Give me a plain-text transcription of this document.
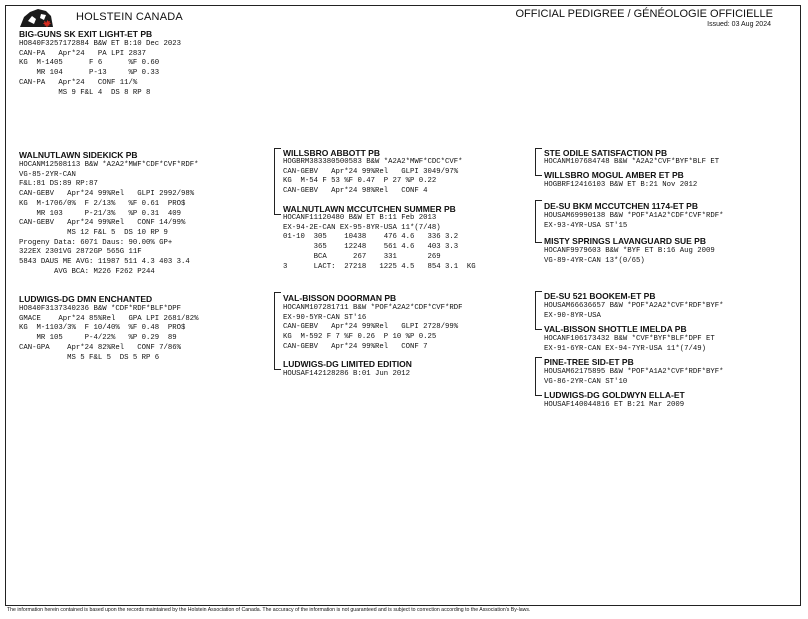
HOLSTEIN CANADA	OFFICIAL PEDIGREE / GÉNÉOLOGIE OFFICIELLE
Issued: 03 Aug 2024
BIG-GUNS SK EXIT LIGHT-ET PB
HO840F3257172884 B&W ET B:10 Dec 2023
CAN-PA   Apr*24   PA LPI 2837
KG  M-1405      F 6      %F 0.60
MR 104      P-13     %P 0.33
CAN-PA   Apr*24   CONF 11/%
MS 9 F&L 4  DS 8 RP 8
WALNUTLAWN SIDEKICK PB
HOCANM12508113 B&W *A2A2*MWF*CDF*CVF*RDF*
VG-85-2YR-CAN
F&L:81 DS:89 RP:87
CAN-GEBV   Apr*24 99%Rel   GLPI 2992/98%
KG  M-1706/0%  F 2/13%   %F 0.61  PRO$
MR 103     P-21/3%   %P 0.31  409
CAN-GEBV   Apr*24 99%Rel   CONF 14/99%
MS 12 F&L 5  DS 10 RP 9
Progeny Data: 6071 Daus: 90.00% GP+
322EX 2301VG 2872GP 565G 11F
5843 DAUS ME AVG: 11987 511 4.3 403 3.4
AVG BCA: M226 F262 P244
LUDWIGS-DG DMN ENCHANTED
HO840F3137340236 B&W *CDF*RDF*BLF*DPF
GMACE    Apr*24 85%Rel   GPA LPI 2681/82%
KG  M-1103/3%  F 10/40%  %F 0.48  PRO$
MR 105     P-4/22%   %P 0.29  89
CAN-GPA    Apr*24 82%Rel   CONF 7/86%
MS 5 F&L 5  DS 5 RP 6
WILLSBRO ABBOTT PB
HOGBRM383380500583 B&W *A2A2*MWF*CDC*CVF*
CAN-GEBV   Apr*24 99%Rel   GLPI 3049/97%
KG  M-54 F 53 %F 0.47  P 27 %P 0.22
CAN-GEBV   Apr*24 98%Rel   CONF 4
WALNUTLAWN MCCUTCHEN SUMMER PB
HOCANF11120480 B&W ET B:11 Feb 2013
EX-94-2E-CAN EX-95-8YR-USA 11*(7/48)
01-10  305    10438    476 4.6   336 3.2
365    12248    561 4.6   403 3.3
BCA      267    331       269
3      LACT:  27218   1225 4.5   854 3.1  KG
VAL-BISSON DOORMAN PB
HOCANM107281711 B&W *POF*A2A2*CDF*CVF*RDF
EX-90-5YR-CAN ST'16
CAN-GEBV   Apr*24 99%Rel   GLPI 2728/99%
KG  M-592 F 7 %F 0.26  P 10 %P 0.25
CAN-GEBV   Apr*24 99%Rel   CONF 7
LUDWIGS-DG LIMITED EDITION
HOUSAF142128286 B:01 Jun 2012
STE ODILE SATISFACTION PB
HOCANM107684748 B&W *A2A2*CVF*BYF*BLF ET
WILLSBRO MOGUL AMBER ET PB
HOGBRF12416103 B&W ET B:21 Nov 2012
DE-SU BKM MCCUTCHEN 1174-ET PB
HOUSAM69990138 B&W *POF*A1A2*CDF*CVF*RDF*
EX-93-4YR-USA ST'15
MISTY SPRINGS LAVANGUARD SUE PB
HOCANF9979603 B&W *BYF ET B:16 Aug 2009
VG-89-4YR-CAN 13*(0/65)
DE-SU 521 BOOKEM-ET PB
HOUSAM66636657 B&W *POF*A2A2*CVF*RDF*BYF*
EX-90-8YR-USA
VAL-BISSON SHOTTLE IMELDA PB
HOCANF106173432 B&W *CVF*BYF*BLF*DPF ET
EX-91-6YR-CAN EX-94-7YR-USA 11*(7/49)
PINE-TREE SID-ET PB
HOUSAM62175895 B&W *POF*A1A2*CVF*RDF*BYF*
VG-86-2YR-CAN ST'10
LUDWIGS-DG GOLDWYN ELLA-ET
HOUSAF140044816 ET B:21 Mar 2009
The information herein contained is based upon the records maintained by the Holstein Association of Canada. The accuracy of the information is not guaranteed and is subject to correction according to the Association's By-laws.
